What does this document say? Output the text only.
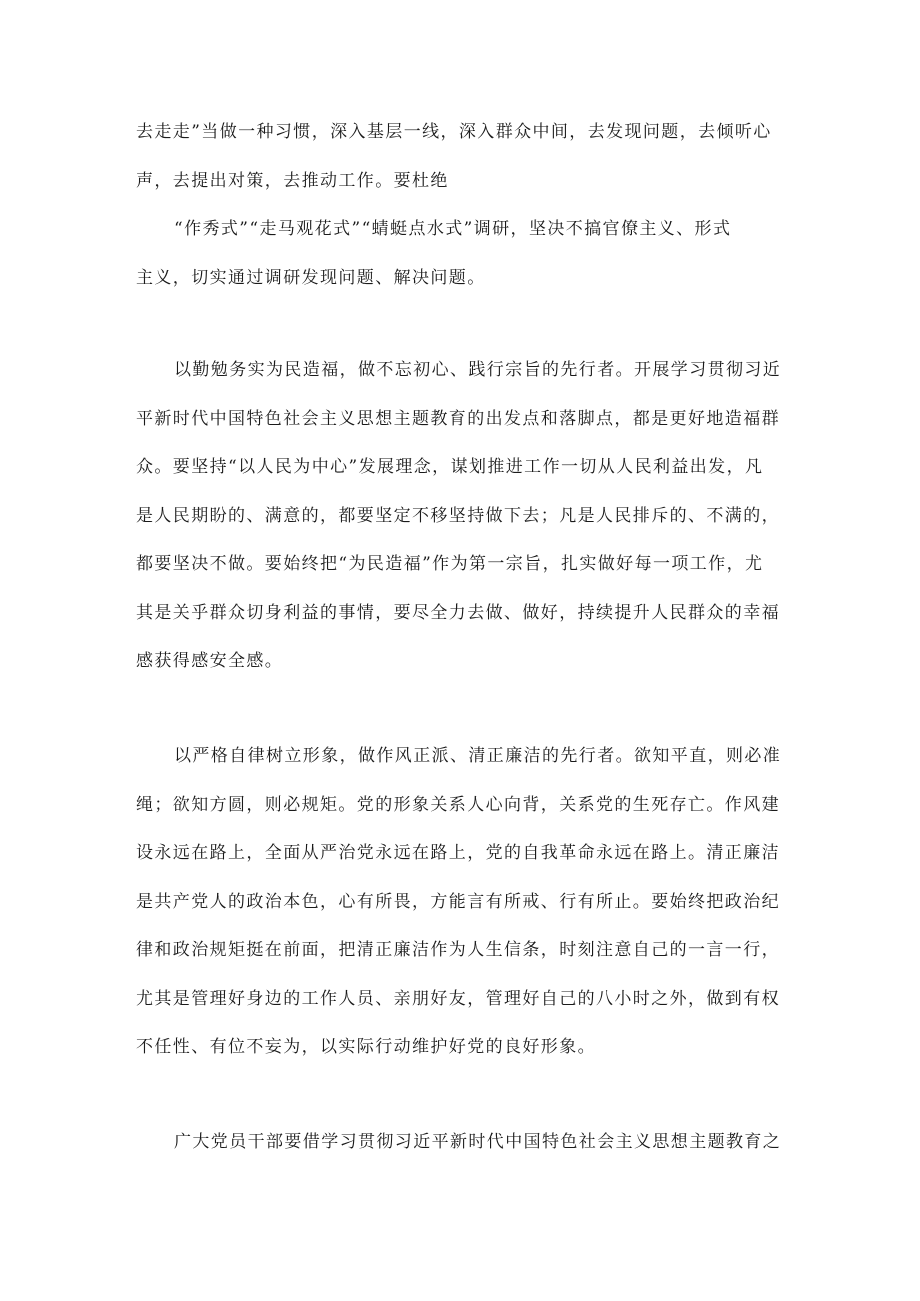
去走走”当做一种习惯，深入基层一线，深入群众中间，去发现问题，去倾听心
声，去提出对策，去推动工作。要杜绝
“作秀式”“走马观花式”“蜻蜓点水式”调研，坚决不搞官僚主义、形式
主义，切实通过调研发现问题、解决问题。
以勤勉务实为民造福，做不忘初心、践行宗旨的先行者。开展学习贯彻习近
平新时代中国特色社会主义思想主题教育的出发点和落脚点，都是更好地造福群
众。要坚持“以人民为中心”发展理念，谋划推进工作一切从人民利益出发，凡
是人民期盼的、满意的，都要坚定不移坚持做下去；凡是人民排斥的、不满的，
都要坚决不做。要始终把“为民造福”作为第一宗旨，扎实做好每一项工作，尤
其是关乎群众切身利益的事情，要尽全力去做、做好，持续提升人民群众的幸福
感获得感安全感。
以严格自律树立形象，做作风正派、清正廉洁的先行者。欲知平直，则必准
绳；欲知方圆，则必规矩。党的形象关系人心向背，关系党的生死存亡。作风建
设永远在路上，全面从严治党永远在路上，党的自我革命永远在路上。清正廉洁
是共产党人的政治本色，心有所畏，方能言有所戒、行有所止。要始终把政治纪
律和政治规矩挺在前面，把清正廉洁作为人生信条，时刻注意自己的一言一行，
尤其是管理好身边的工作人员、亲朋好友，管理好自己的八小时之外，做到有权
不任性、有位不妄为，以实际行动维护好党的良好形象。
广大党员干部要借学习贯彻习近平新时代中国特色社会主义思想主题教育之
